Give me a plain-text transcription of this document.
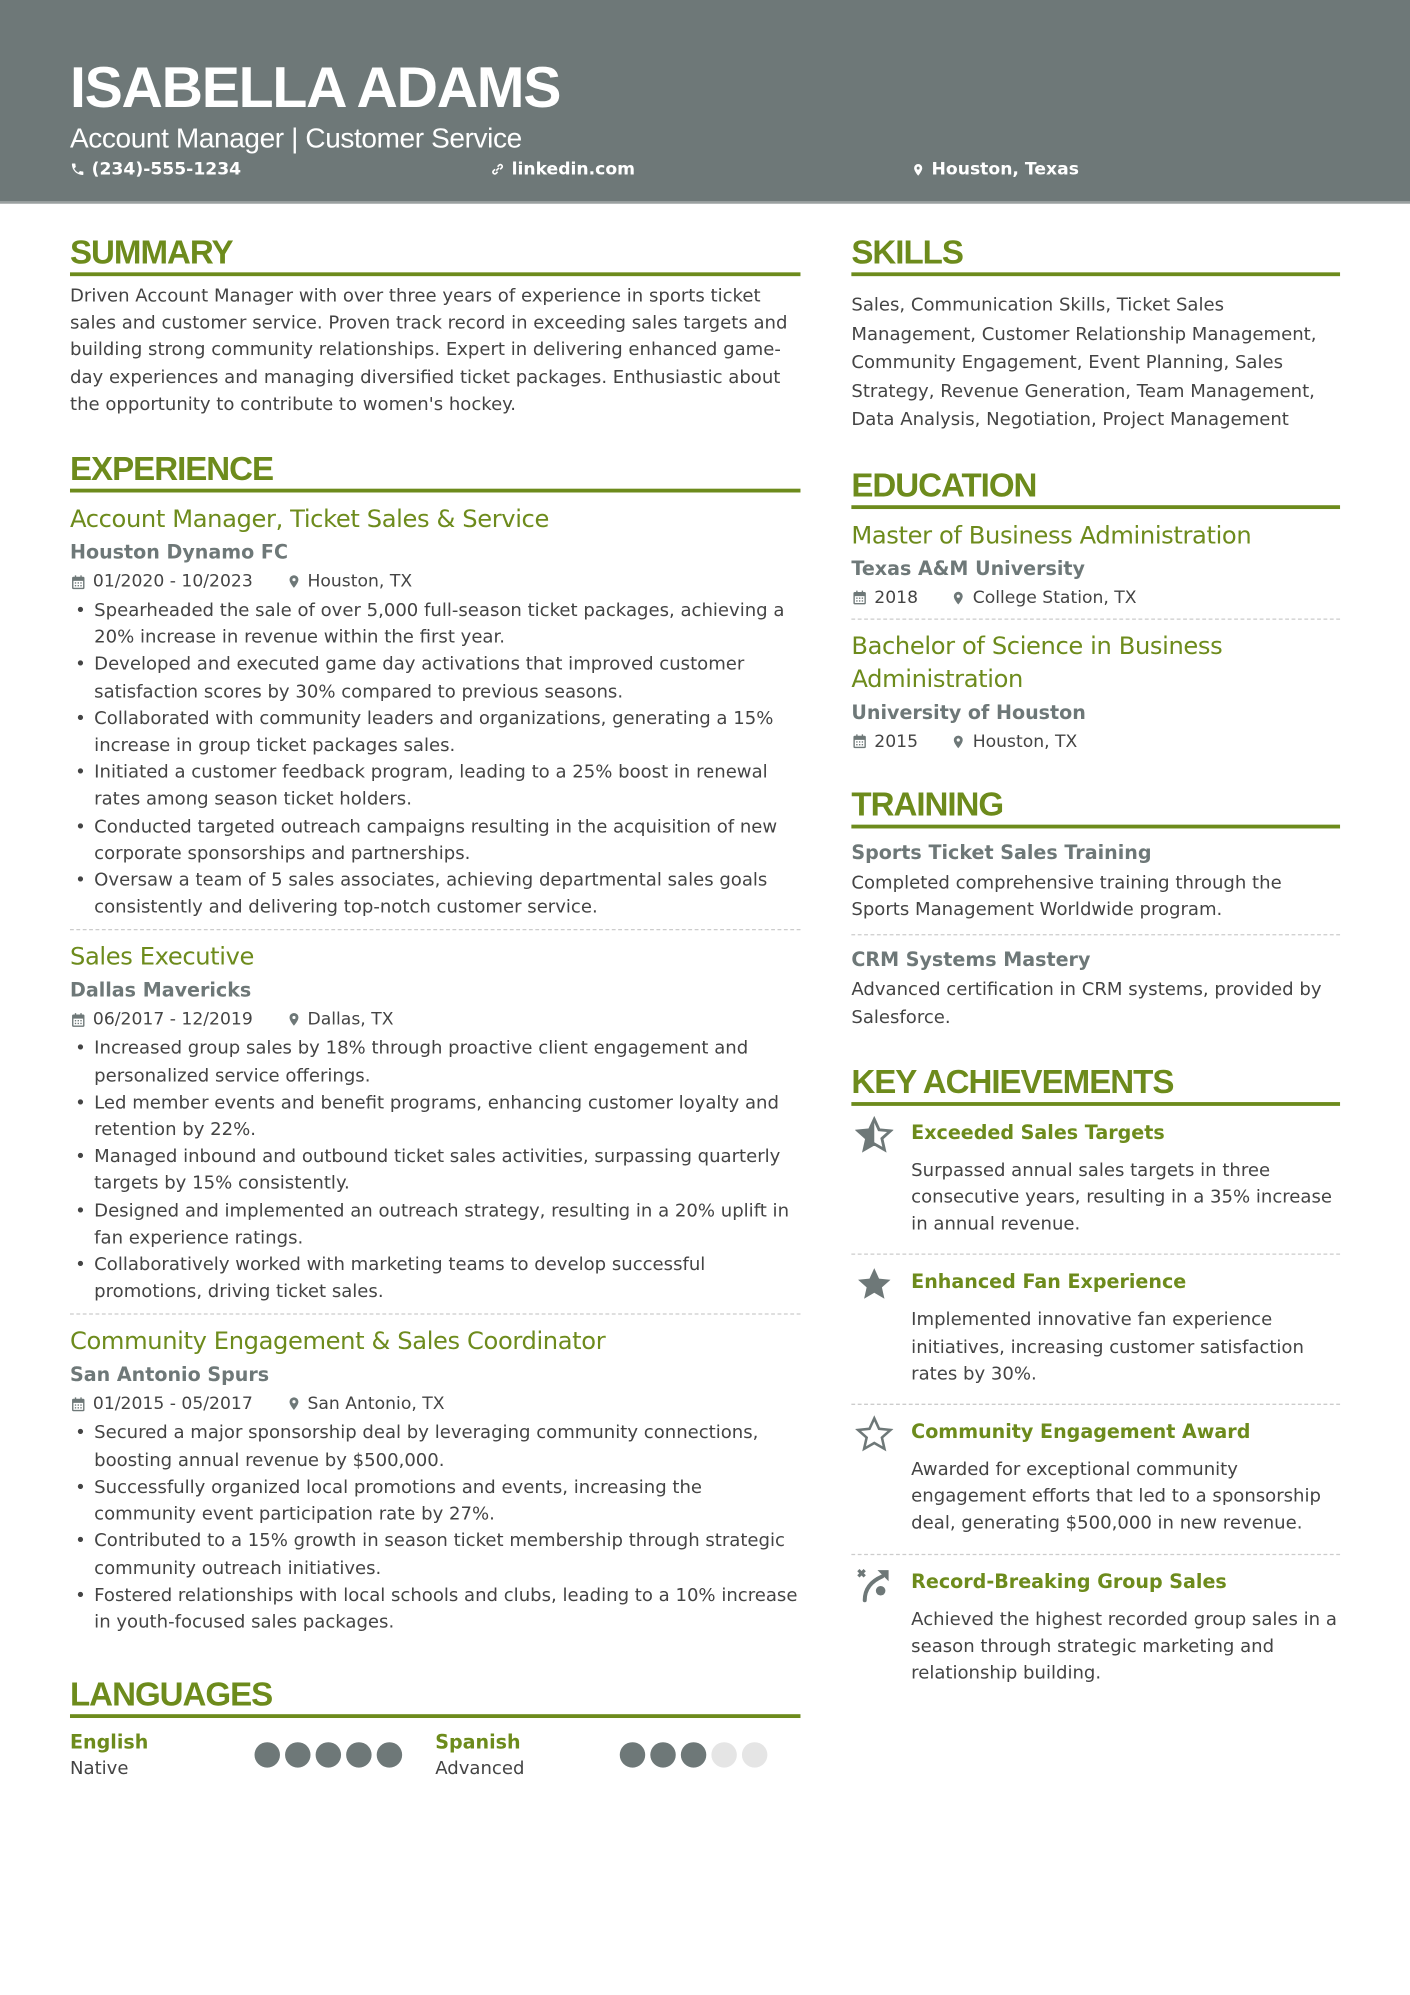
ISABELLA ADAMS
Account Manager | Customer Service
(234)-555-1234	linkedin.com	Houston, Texas
SUMMARY

Driven Account Manager with over three years of experience in sports ticket sales and customer service. Proven track record in exceeding sales targets and building strong community relationships. Expert in delivering enhanced game-day experiences and managing diversified ticket packages. Enthusiastic about the opportunity to contribute to women's hockey.

EXPERIENCE
Account Manager, Ticket Sales & Service
Houston Dynamo FC
01/2020 - 10/2023	Houston, TX
• Spearheaded the sale of over 5,000 full-season ticket packages, achieving a 20% increase in revenue within the first year.
• Developed and executed game day activations that improved customer satisfaction scores by 30% compared to previous seasons.
• Collaborated with community leaders and organizations, generating a 15% increase in group ticket packages sales.
• Initiated a customer feedback program, leading to a 25% boost in renewal rates among season ticket holders.
• Conducted targeted outreach campaigns resulting in the acquisition of new corporate sponsorships and partnerships.
• Oversaw a team of 5 sales associates, achieving departmental sales goals consistently and delivering top-notch customer service.
Sales Executive
Dallas Mavericks
06/2017 - 12/2019	Dallas, TX
• Increased group sales by 18% through proactive client engagement and personalized service offerings.
• Led member events and benefit programs, enhancing customer loyalty and retention by 22%.
• Managed inbound and outbound ticket sales activities, surpassing quarterly targets by 15% consistently.
• Designed and implemented an outreach strategy, resulting in a 20% uplift in fan experience ratings.
• Collaboratively worked with marketing teams to develop successful promotions, driving ticket sales.
Community Engagement & Sales Coordinator
San Antonio Spurs
01/2015 - 05/2017	San Antonio, TX
• Secured a major sponsorship deal by leveraging community connections, boosting annual revenue by $500,000.
• Successfully organized local promotions and events, increasing the community event participation rate by 27%.
• Contributed to a 15% growth in season ticket membership through strategic community outreach initiatives.
• Fostered relationships with local schools and clubs, leading to a 10% increase in youth-focused sales packages.
LANGUAGES
English
Native
Spanish
Advanced
SKILLS

Sales, Communication Skills, Ticket Sales Management, Customer Relationship Management, Community Engagement, Event Planning, Sales Strategy, Revenue Generation, Team Management, Data Analysis, Negotiation, Project Management

EDUCATION
Master of Business Administration
Texas A&M University
2018	College Station, TX
Bachelor of Science in Business Administration
University of Houston
2015	Houston, TX
TRAINING
Sports Ticket Sales Training

Completed comprehensive training through the Sports Management Worldwide program.

CRM Systems Mastery

Advanced certification in CRM systems, provided by Salesforce.

KEY ACHIEVEMENTS
Exceeded Sales Targets

Surpassed annual sales targets in three consecutive years, resulting in a 35% increase in annual revenue.

Enhanced Fan Experience

Implemented innovative fan experience initiatives, increasing customer satisfaction rates by 30%.

Community Engagement Award

Awarded for exceptional community engagement efforts that led to a sponsorship deal, generating $500,000 in new revenue.

Record-Breaking Group Sales

Achieved the highest recorded group sales in a season through strategic marketing and relationship building.
